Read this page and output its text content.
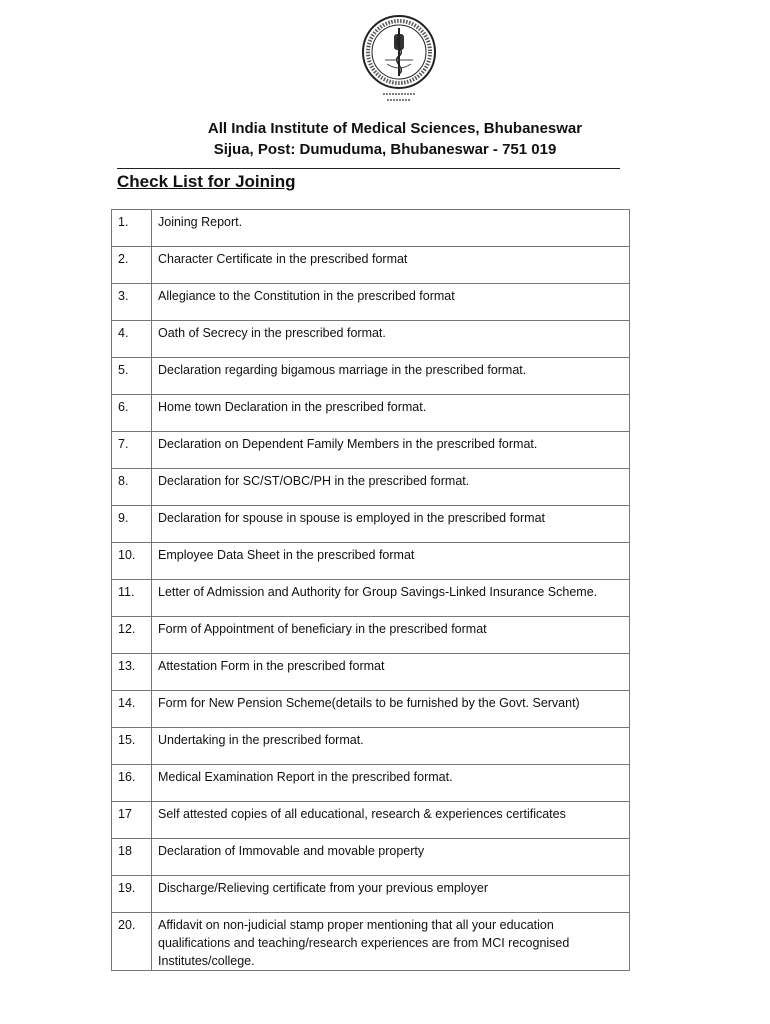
All India Institute of Medical Sciences, Bhubaneswar
Sijua, Post: Dumuduma, Bhubaneswar - 751 019
Check List for Joining
1.	Joining Report.
2.	Character Certificate in the prescribed format
3.	Allegiance to the Constitution in the prescribed format
4.	Oath of Secrecy in the prescribed format.
5.	Declaration regarding bigamous marriage in the prescribed format.
6.	Home town Declaration in the prescribed format.
7.	Declaration on Dependent Family Members in the prescribed format.
8.	Declaration for SC/ST/OBC/PH in the prescribed format.
9.	Declaration for spouse in spouse is employed in the prescribed format
10.	Employee Data Sheet in the prescribed format
11.	Letter of Admission and Authority for Group Savings-Linked Insurance Scheme.
12.	Form of Appointment of beneficiary in the prescribed format
13.	Attestation Form in the prescribed format
14.	Form for New Pension Scheme(details to be furnished by the Govt. Servant)
15.	Undertaking in the prescribed format.
16.	Medical Examination Report in the prescribed format.
17	Self attested copies of all educational, research & experiences certificates
18	Declaration of Immovable and movable property
19.	Discharge/Relieving certificate from your previous employer
20.	Affidavit on non-judicial stamp proper mentioning that all your education qualifications and teaching/research experiences are from MCI recognised Institutes/college.
